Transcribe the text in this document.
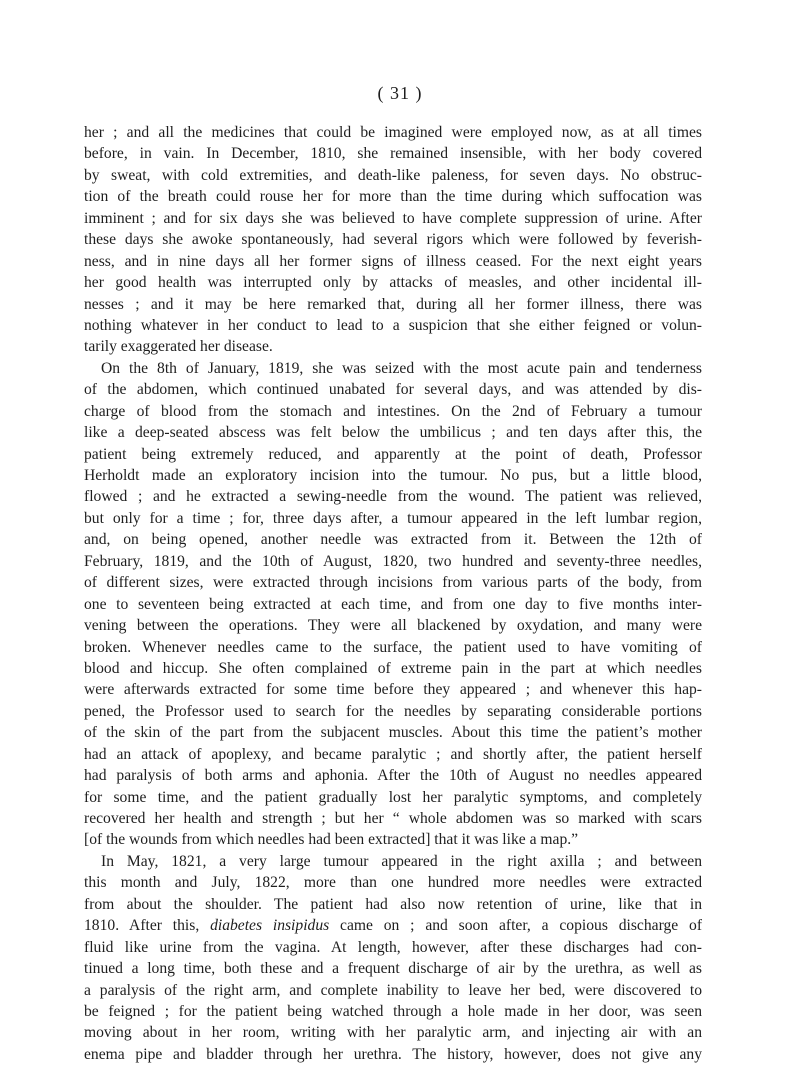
( 31 )
her ; and all the medicines that could be imagined were employed now, as at all times
before, in vain. In December, 1810, she remained insensible, with her body covered
by sweat, with cold extremities, and death-like paleness, for seven days. No obstruc-
tion of the breath could rouse her for more than the time during which suffocation was
imminent ; and for six days she was believed to have complete suppression of urine. After
these days she awoke spontaneously, had several rigors which were followed by feverish-
ness, and in nine days all her former signs of illness ceased. For the next eight years
her good health was interrupted only by attacks of measles, and other incidental ill-
nesses ; and it may be here remarked that, during all her former illness, there was
nothing whatever in her conduct to lead to a suspicion that she either feigned or volun-
tarily exaggerated her disease.
On the 8th of January, 1819, she was seized with the most acute pain and tenderness
of the abdomen, which continued unabated for several days, and was attended by dis-
charge of blood from the stomach and intestines. On the 2nd of February a tumour
like a deep-seated abscess was felt below the umbilicus ; and ten days after this, the
patient being extremely reduced, and apparently at the point of death, Professor
Herholdt made an exploratory incision into the tumour. No pus, but a little blood,
flowed ; and he extracted a sewing-needle from the wound. The patient was relieved,
but only for a time ; for, three days after, a tumour appeared in the left lumbar region,
and, on being opened, another needle was extracted from it. Between the 12th of
February, 1819, and the 10th of August, 1820, two hundred and seventy-three needles,
of different sizes, were extracted through incisions from various parts of the body, from
one to seventeen being extracted at each time, and from one day to five months inter-
vening between the operations. They were all blackened by oxydation, and many were
broken. Whenever needles came to the surface, the patient used to have vomiting of
blood and hiccup. She often complained of extreme pain in the part at which needles
were afterwards extracted for some time before they appeared ; and whenever this hap-
pened, the Professor used to search for the needles by separating considerable portions
of the skin of the part from the subjacent muscles. About this time the patient’s mother
had an attack of apoplexy, and became paralytic ; and shortly after, the patient herself
had paralysis of both arms and aphonia. After the 10th of August no needles appeared
for some time, and the patient gradually lost her paralytic symptoms, and completely
recovered her health and strength ; but her “ whole abdomen was so marked with scars
[of the wounds from which needles had been extracted] that it was like a map.”
In May, 1821, a very large tumour appeared in the right axilla ; and between
this month and July, 1822, more than one hundred more needles were extracted
from about the shoulder. The patient had also now retention of urine, like that in
1810. After this, diabetes insipidus came on ; and soon after, a copious discharge of
fluid like urine from the vagina. At length, however, after these discharges had con-
tinued a long time, both these and a frequent discharge of air by the urethra, as well as
a paralysis of the right arm, and complete inability to leave her bed, were discovered to
be feigned ; for the patient being watched through a hole made in her door, was seen
moving about in her room, writing with her paralytic arm, and injecting air with an
enema pipe and bladder through her urethra. The history, however, does not give any
